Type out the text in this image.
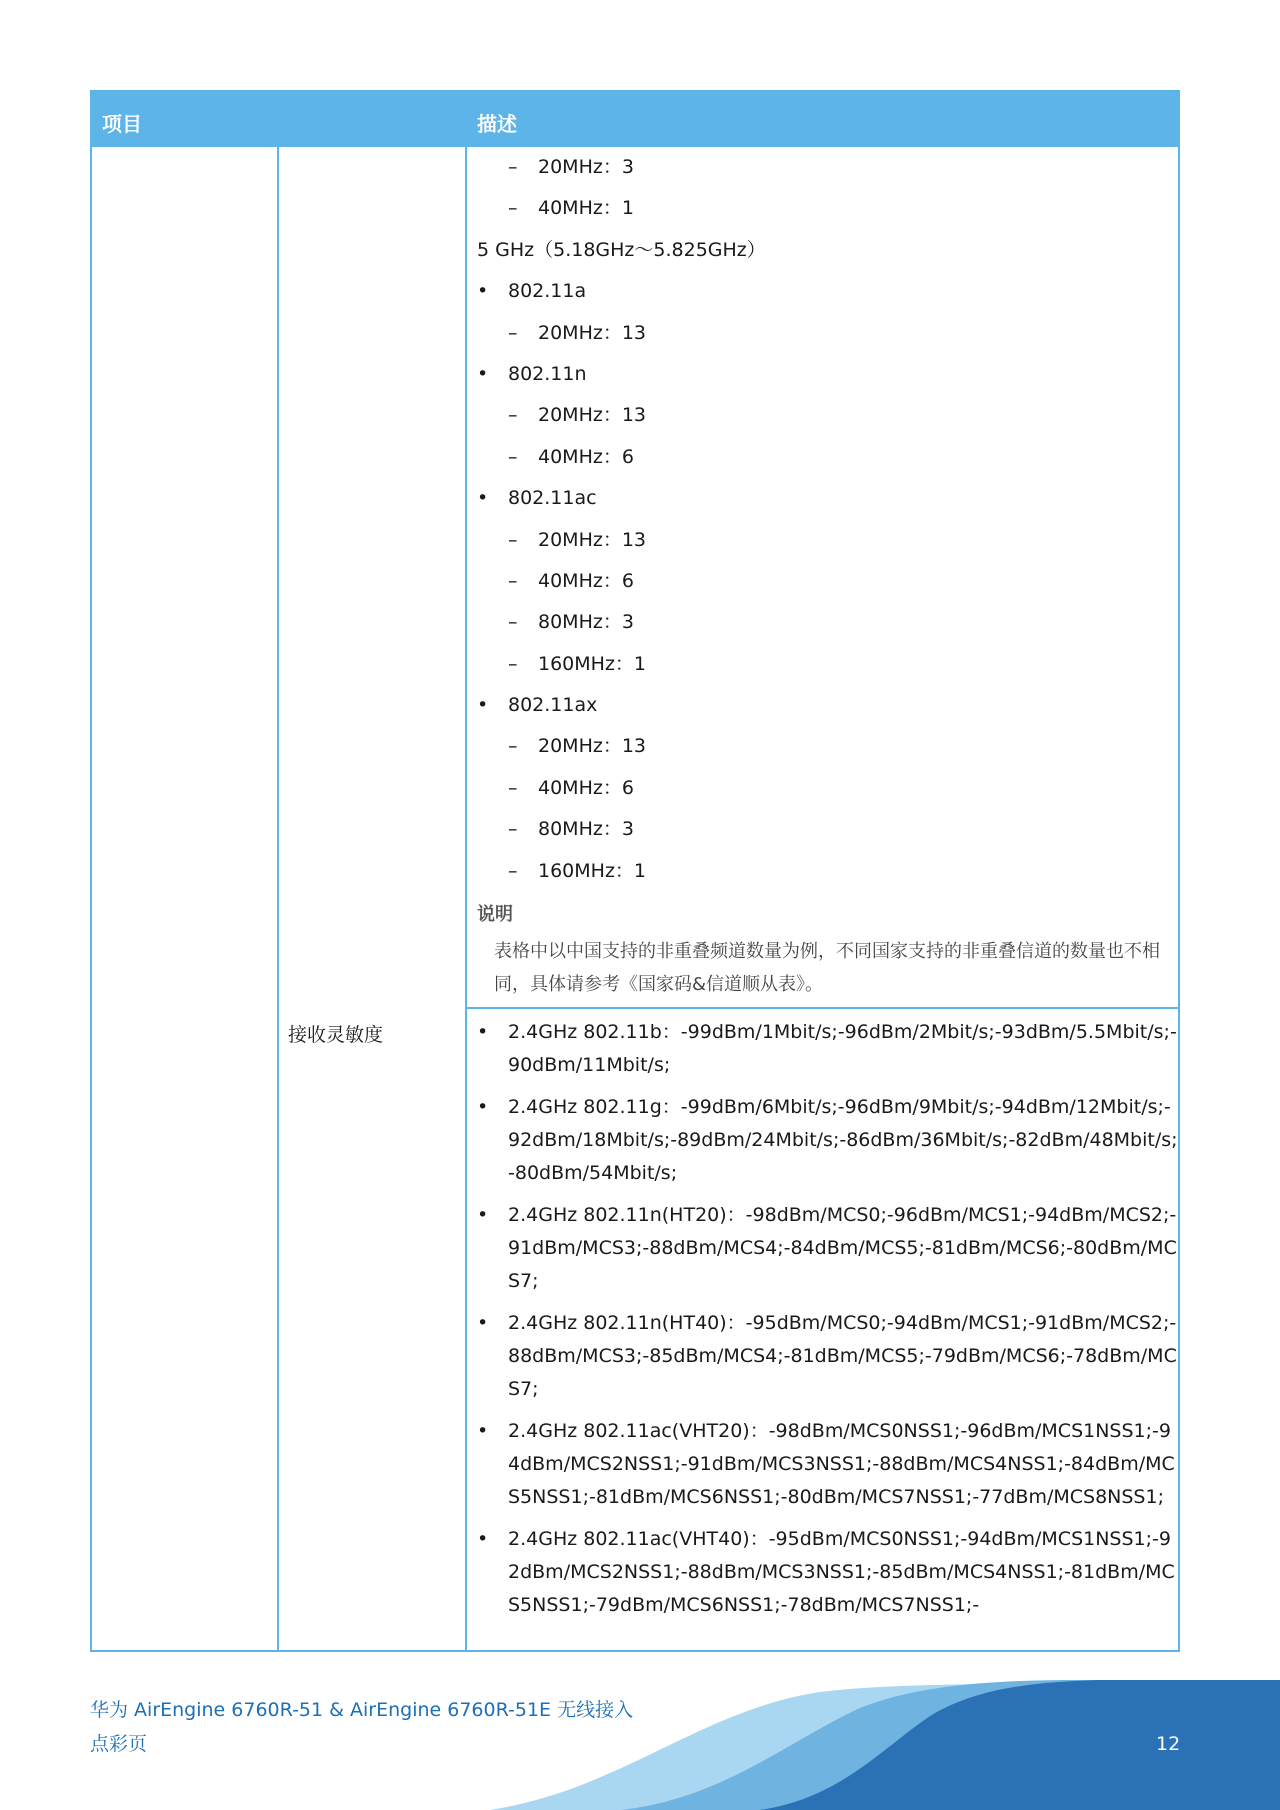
项目	描述
– 20MHz：3
– 40MHz：1
5 GHz（5.18GHz～5.825GHz）
• 802.11a
– 20MHz：13
• 802.11n
– 20MHz：13
– 40MHz：6
• 802.11ac
– 20MHz：13
– 40MHz：6
– 80MHz：3
– 160MHz：1
• 802.11ax
– 20MHz：13
– 40MHz：6
– 80MHz：3
– 160MHz：1
说明
表格中以中国支持的非重叠频道数量为例，不同国家支持的非重叠信道的数量也不相同，具体请参考《国家码&信道顺从表》。
接收灵敏度	• 2.4GHz 802.11b：-99dBm/1Mbit/s;-96dBm/2Mbit/s;-93dBm/5.5Mbit/s;-90dBm/11Mbit/s;
• 2.4GHz 802.11g：-99dBm/6Mbit/s;-96dBm/9Mbit/s;-94dBm/12Mbit/s;-92dBm/18Mbit/s;-89dBm/24Mbit/s;-86dBm/36Mbit/s;-82dBm/48Mbit/s;-80dBm/54Mbit/s;
• 2.4GHz 802.11n(HT20)：-98dBm/MCS0;-96dBm/MCS1;-94dBm/MCS2;-91dBm/MCS3;-88dBm/MCS4;-84dBm/MCS5;-81dBm/MCS6;-80dBm/MCS7;
• 2.4GHz 802.11n(HT40)：-95dBm/MCS0;-94dBm/MCS1;-91dBm/MCS2;-88dBm/MCS3;-85dBm/MCS4;-81dBm/MCS5;-79dBm/MCS6;-78dBm/MCS7;
• 2.4GHz 802.11ac(VHT20)：-98dBm/MCS0NSS1;-96dBm/MCS1NSS1;-94dBm/MCS2NSS1;-91dBm/MCS3NSS1;-88dBm/MCS4NSS1;-84dBm/MCS5NSS1;-81dBm/MCS6NSS1;-80dBm/MCS7NSS1;-77dBm/MCS8NSS1;
• 2.4GHz 802.11ac(VHT40)：-95dBm/MCS0NSS1;-94dBm/MCS1NSS1;-92dBm/MCS2NSS1;-88dBm/MCS3NSS1;-85dBm/MCS4NSS1;-81dBm/MCS5NSS1;-79dBm/MCS6NSS1;-78dBm/MCS7NSS1;-
华为 AirEngine 6760R-51 & AirEngine 6760R-51E 无线接入点彩页	12
